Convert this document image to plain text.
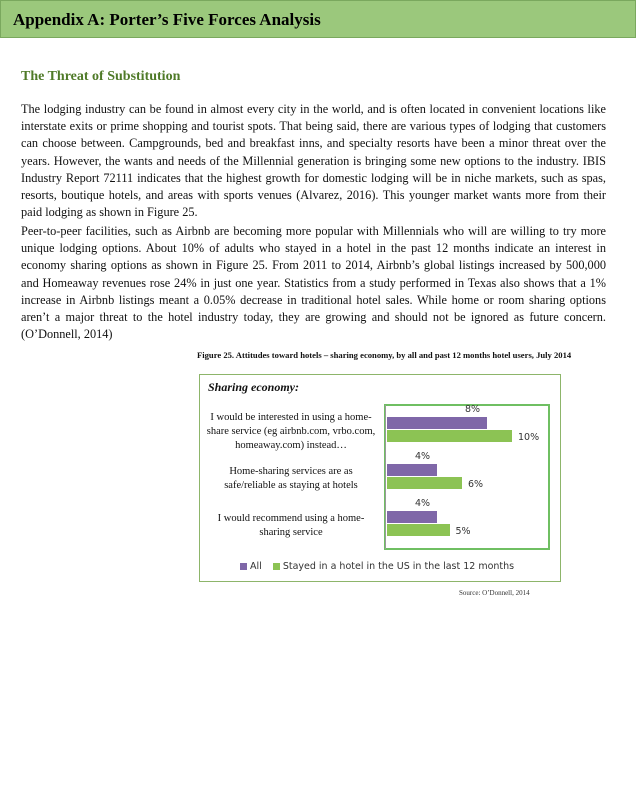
Appendix A: Porter’s Five Forces Analysis
The Threat of Substitution

The lodging industry can be found in almost every city in the world, and is often located in convenient locations like interstate exits or prime shopping and tourist spots. That being said, there are various types of lodging that customers can choose between. Campgrounds, bed and breakfast inns, and specialty resorts have been a minor threat over the years. However, the wants and needs of the Millennial generation is bringing some new options to the industry. IBIS Industry Report 72111 indicates that the highest growth for domestic lodging will be in niche markets, such as spas, resorts, boutique hotels, and areas with sports venues (Alvarez, 2016). This younger market wants more from their paid lodging as shown in Figure 25.

Peer-to-peer facilities, such as Airbnb are becoming more popular with Millennials who will are willing to try more unique lodging options. About 10% of adults who stayed in a hotel in the past 12 months indicate an interest in economy sharing options as shown in Figure 25. From 2011 to 2014, Airbnb’s global listings increased by 500,000 and Homeaway revenues rose 24% in just one year. Statistics from a study performed in Texas also shows that a 1% increase in Airbnb listings meant a 0.05% decrease in traditional hotel sales. While home or room sharing options aren’t a major threat to the hotel industry today, they are growing and should not be ignored as future concern. (O’Donnell, 2014)

Figure 25. Attitudes toward hotels – sharing economy, by all and past 12 months hotel users, July 2014
Sharing economy:
I would be interested in using a home-share service (eg airbnb.com, vrbo.com, homeaway.com) instead…
Home-sharing services are as safe/reliable as staying at hotels
I would recommend using a home-sharing service
All Stayed in a hotel in the US in the last 12 months
8%
10%
4%
6%
4%
5%
Source: O’Donnell, 2014
